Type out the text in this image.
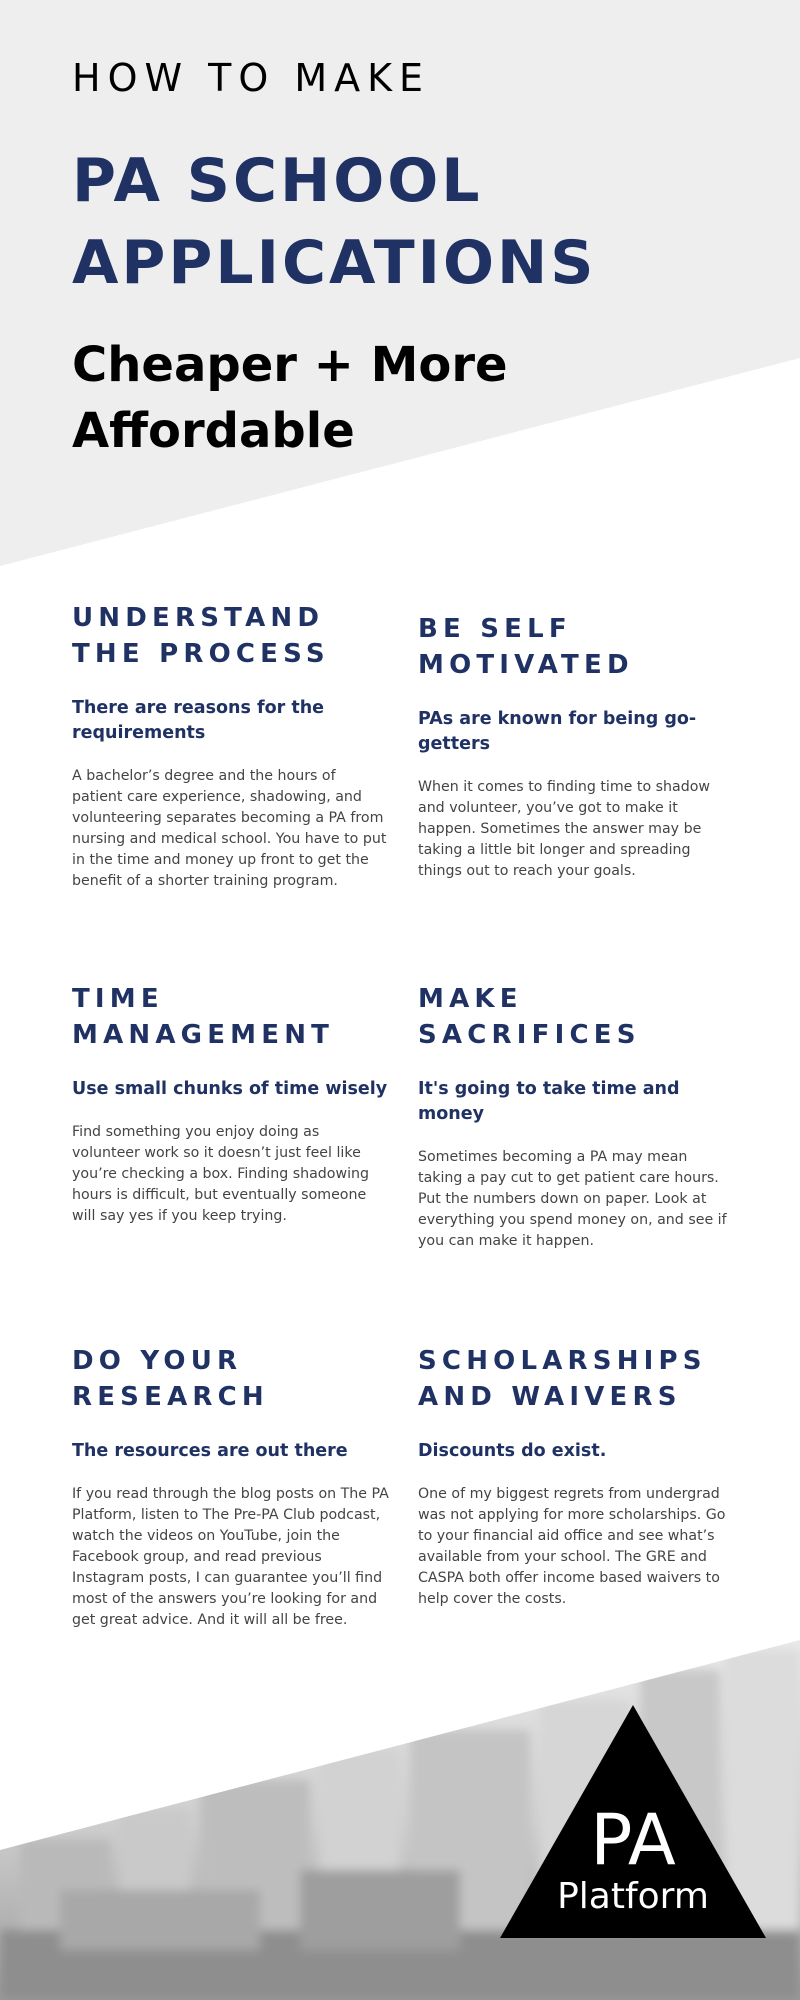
HOW TO MAKE
PA SCHOOL APPLICATIONS
Cheaper + More Affordable
UNDERSTAND THE PROCESS
There are reasons for the requirements

A bachelor’s degree and the hours of patient care experience, shadowing, and volunteering separates becoming a PA from nursing and medical school. You have to put in the time and money up front to get the benefit of a shorter training program.

BE SELF MOTIVATED
PAs are known for being go-getters

When it comes to finding time to shadow and volunteer, you’ve got to make it happen. Sometimes the answer may be taking a little bit longer and spreading things out to reach your goals.

TIME MANAGEMENT
Use small chunks of time wisely

Find something you enjoy doing as volunteer work so it doesn’t just feel like you’re checking a box. Finding shadowing hours is difficult, but eventually someone will say yes if you keep trying.

MAKE SACRIFICES
It's going to take time and money

Sometimes becoming a PA may mean taking a pay cut to get patient care hours. Put the numbers down on paper. Look at everything you spend money on, and see if you can make it happen.

DO YOUR RESEARCH
The resources are out there

If you read through the blog posts on The PA Platform, listen to The Pre-PA Club podcast, watch the videos on YouTube, join the Facebook group, and read previous Instagram posts, I can guarantee you’ll find most of the answers you’re looking for and get great advice. And it will all be free.

SCHOLARSHIPS AND WAIVERS
Discounts do exist.

One of my biggest regrets from undergrad was not applying for more scholarships. Go to your financial aid office and see what’s available from your school. The GRE and CASPA both offer income based waivers to help cover the costs.

PA
Platform
